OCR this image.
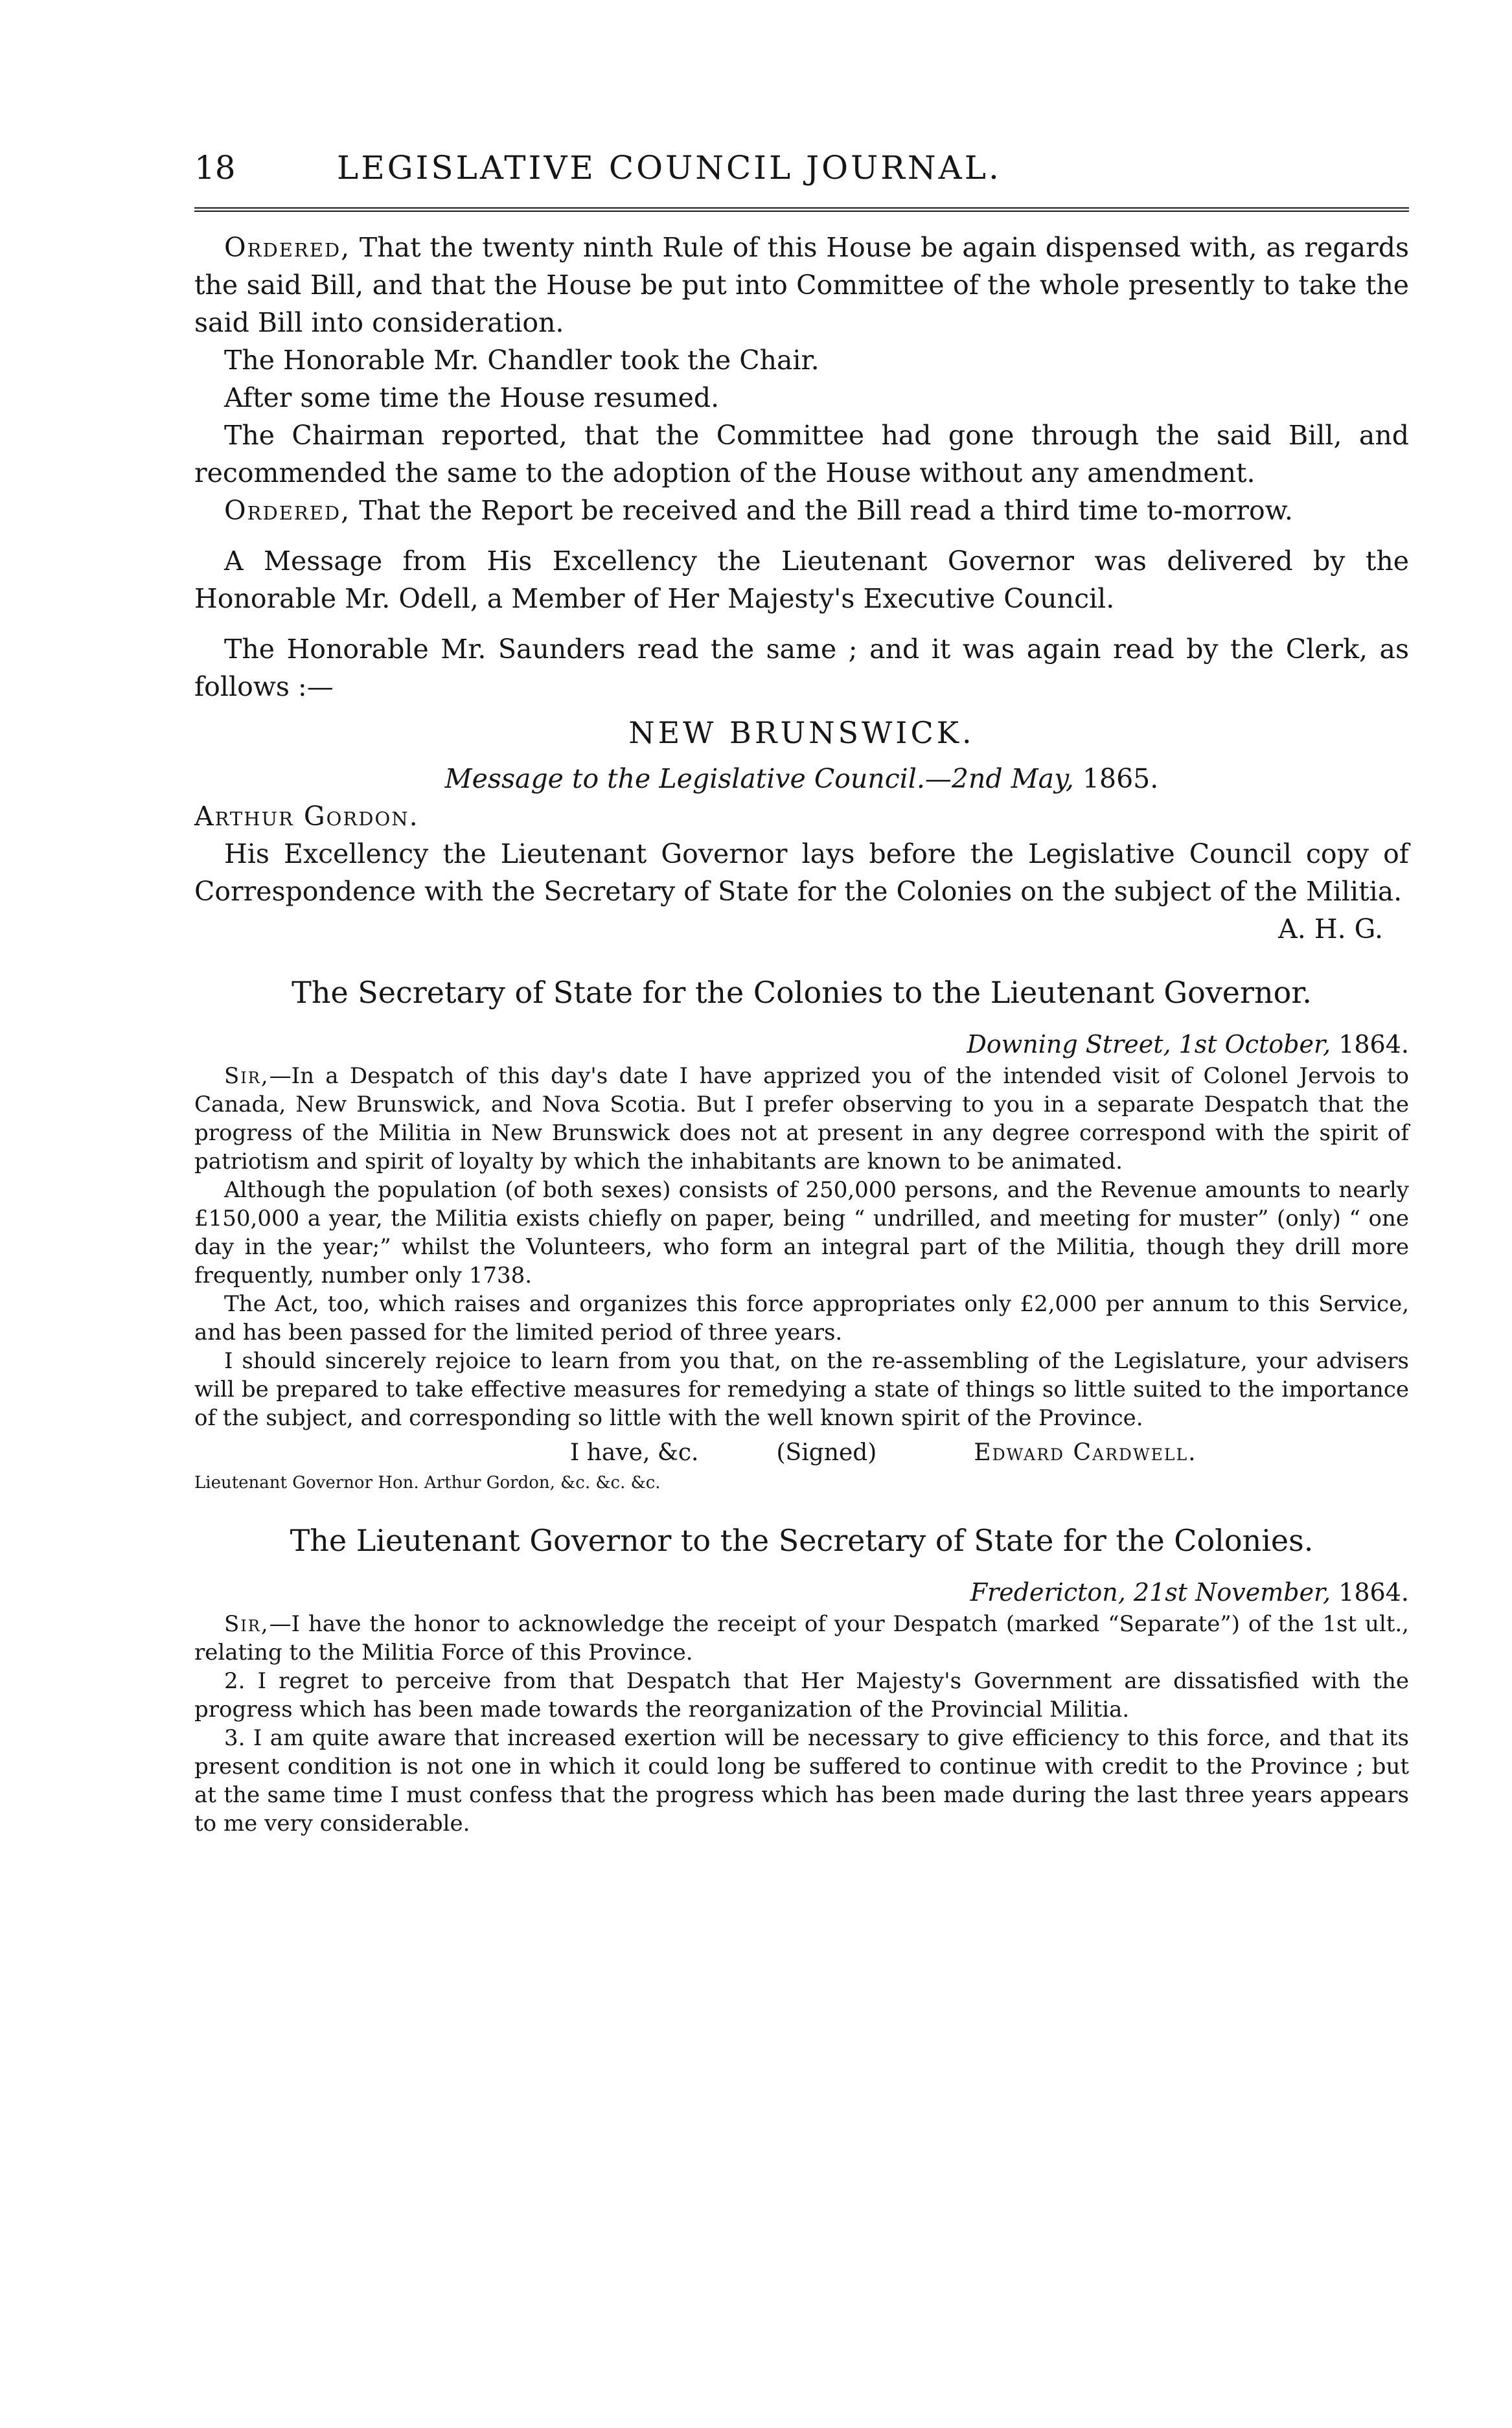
18	LEGISLATIVE COUNCIL JOURNAL.

Ordered, That the twenty ninth Rule of this House be again dispensed with, as regards the said Bill, and that the House be put into Committee of the whole presently to take the said Bill into consideration.

The Honorable Mr. Chandler took the Chair.

After some time the House resumed.

The Chairman reported, that the Committee had gone through the said Bill, and recommended the same to the adoption of the House without any amendment.

Ordered, That the Report be received and the Bill read a third time to-morrow.

A Message from His Excellency the Lieutenant Governor was delivered by the Honorable Mr. Odell, a Member of Her Majesty's Executive Council.

The Honorable Mr. Saunders read the same ; and it was again read by the Clerk, as follows :—

NEW BRUNSWICK.

Message to the Legislative Council.—2nd May, 1865.

Arthur Gordon.

His Excellency the Lieutenant Governor lays before the Legislative Council copy of Correspondence with the Secretary of State for the Colonies on the subject of the Militia.

A. H. G.

The Secretary of State for the Colonies to the Lieutenant Governor.

Downing Street, 1st October, 1864.

Sir,—In a Despatch of this day's date I have apprized you of the intended visit of Colonel Jervois to Canada, New Brunswick, and Nova Scotia. But I prefer observing to you in a separate Despatch that the progress of the Militia in New Brunswick does not at present in any degree correspond with the spirit of patriotism and spirit of loyalty by which the inhabitants are known to be animated.

Although the population (of both sexes) consists of 250,000 persons, and the Revenue amounts to nearly £150,000 a year, the Militia exists chiefly on paper, being “ undrilled, and meeting for muster” (only) “ one day in the year;” whilst the Volunteers, who form an integral part of the Militia, though they drill more frequently, number only 1738.

The Act, too, which raises and organizes this force appropriates only £2,000 per annum to this Service, and has been passed for the limited period of three years.

I should sincerely rejoice to learn from you that, on the re-assembling of the Legislature, your advisers will be prepared to take effective measures for remedying a state of things so little suited to the importance of the subject, and corresponding so little with the well known spirit of the Province.

I have, &c.	(Signed)	Edward Cardwell.

Lieutenant Governor Hon. Arthur Gordon, &c. &c. &c.

The Lieutenant Governor to the Secretary of State for the Colonies.

Fredericton, 21st November, 1864.

Sir,—I have the honor to acknowledge the receipt of your Despatch (marked “Separate”) of the 1st ult., relating to the Militia Force of this Province.

2. I regret to perceive from that Despatch that Her Majesty's Government are dissatisfied with the progress which has been made towards the reorganization of the Provincial Militia.

3. I am quite aware that increased exertion will be necessary to give efficiency to this force, and that its present condition is not one in which it could long be suffered to continue with credit to the Province ; but at the same time I must confess that the progress which has been made during the last three years appears to me very considerable.
